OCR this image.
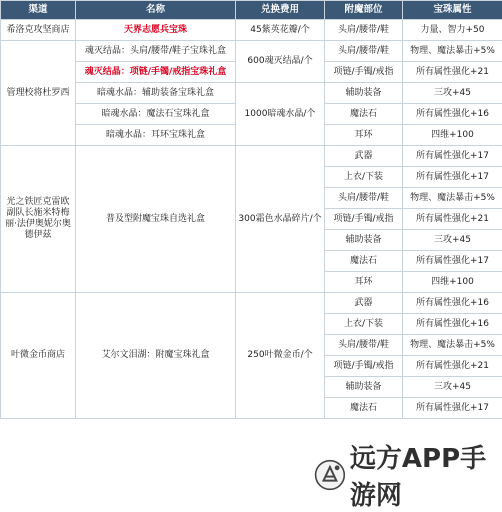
渠道	名称	兑换费用	附魔部位	宝珠属性
希洛克攻坚商店	天界志愿兵宝珠	45紫英花瓣/个	头肩/腰带/鞋	力量、智力+50
管理校将杜罗西	魂灭结晶：头肩/腰带/鞋子宝珠礼盒	600魂灭结晶/个	头肩/腰带/鞋	物理、魔法暴击+5%
	魂灭结晶：项链/手镯/戒指宝珠礼盒		项链/手镯/戒指	所有属性强化+21
	暗魂水晶：辅助装备宝珠礼盒	1000暗魂水晶/个	辅助装备	三攻+45
	暗魂水晶：魔法石宝珠礼盒		魔法石	所有属性强化+16
	暗魂水晶：耳环宝珠礼盒		耳环	四维+100
光之铁匠克雷欧副队长施米特梅丽·法伊奥妮尔奥德伊兹	普及型附魔宝珠自选礼盒	300霜色水晶碎片/个	武器	所有属性强化+17
			上衣/下装	所有属性强化+17
			头肩/腰带/鞋	物理、魔法暴击+5%
			项链/手镯/戒指	所有属性强化+21
			辅助装备	三攻+45
			魔法石	所有属性强化+17
			耳环	四维+100
叶微金币商店	艾尔文泪湖：附魔宝珠礼盒	250叶微金币/个	武器	所有属性强化+16
			上衣/下装	所有属性强化+16
			头肩/腰带/鞋	物理、魔法暴击+5%
			项链/手镯/戒指	所有属性强化+21
			辅助装备	三攻+45
			魔法石	所有属性强化+17
远方APP手游网
